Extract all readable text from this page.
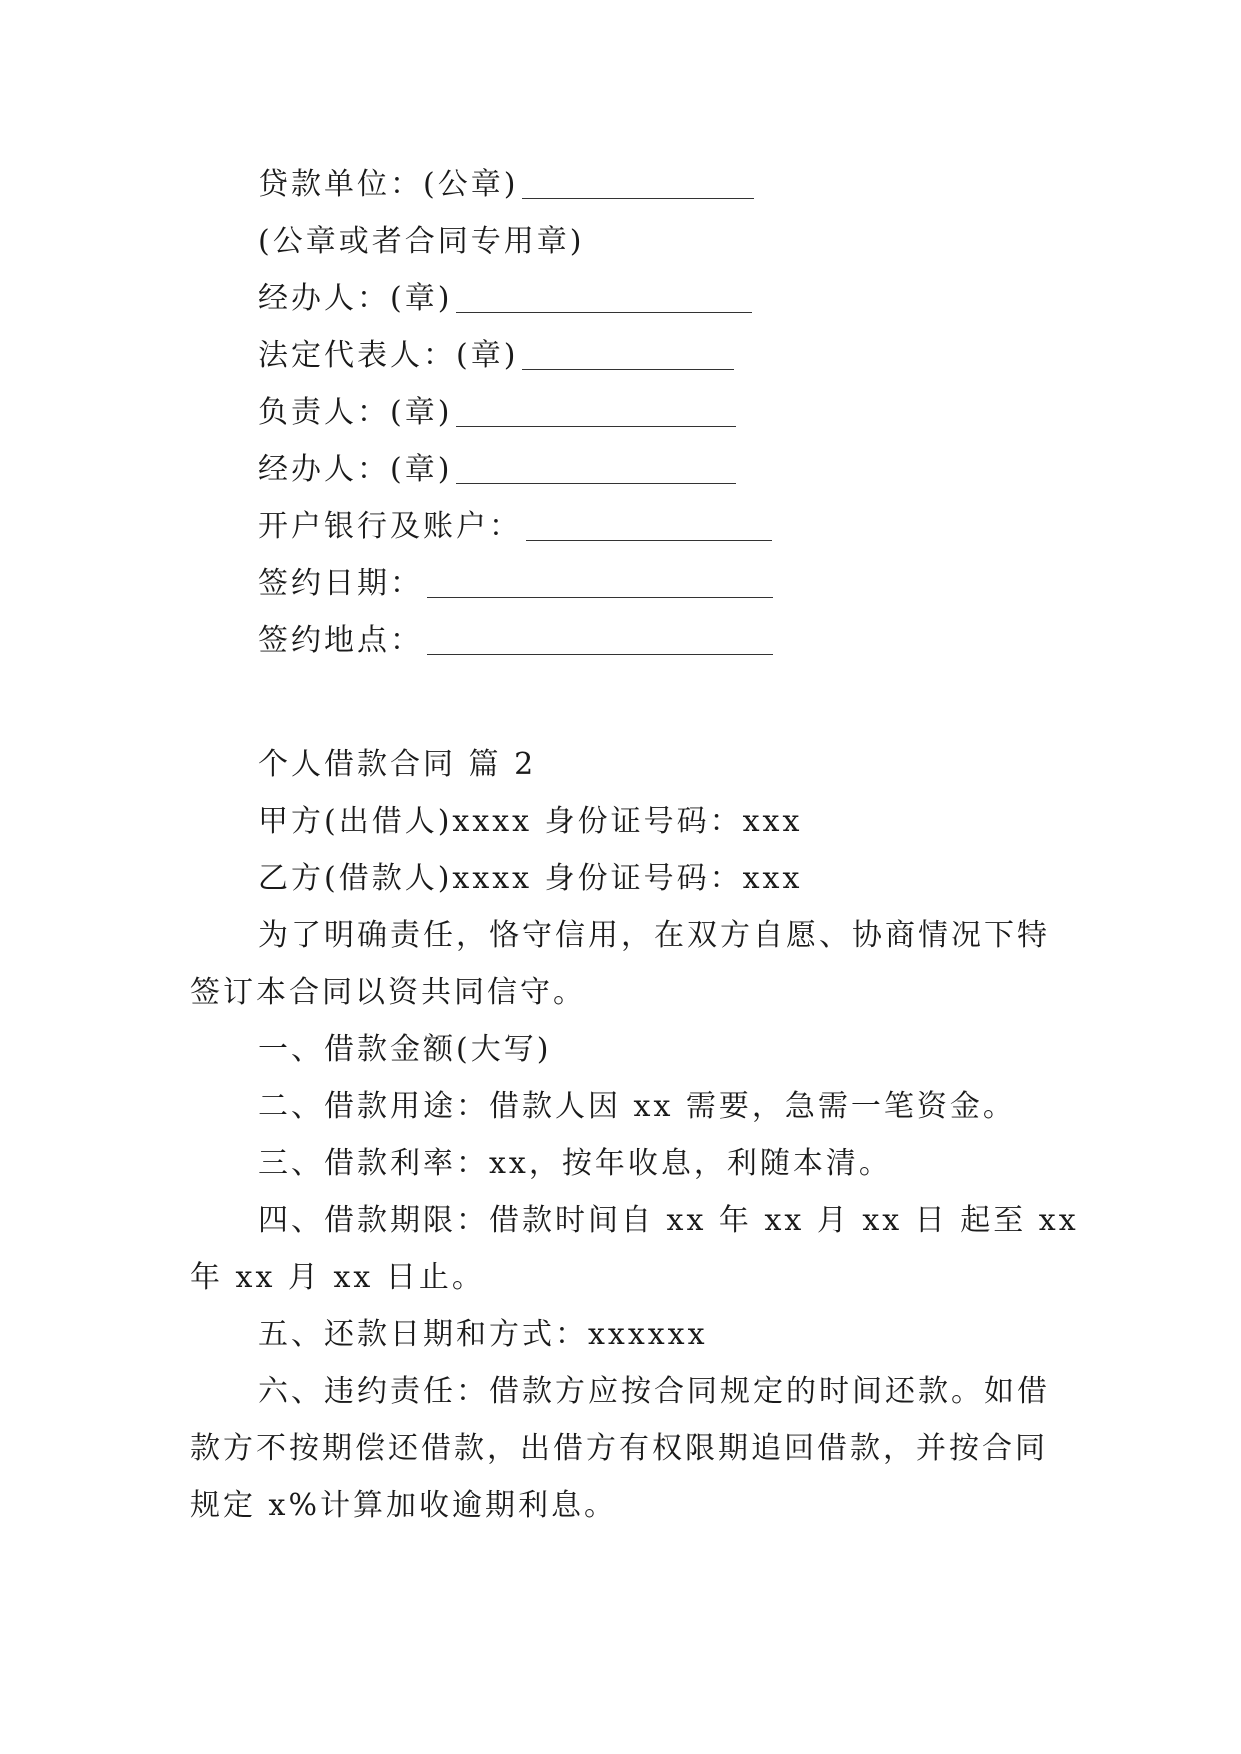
贷款单位：(公章)
(公章或者合同专用章)
经办人：(章)
法定代表人：(章)
负责人：(章)
经办人：(章)
开户银行及账户：
签约日期：
签约地点：
个人借款合同 篇 2
甲方(出借人)xxxx 身份证号码：xxx
乙方(借款人)xxxx 身份证号码：xxx
为了明确责任，恪守信用，在双方自愿、协商情况下特
签订本合同以资共同信守。
一、借款金额(大写)
二、借款用途：借款人因 xx 需要，急需一笔资金。
三、借款利率：xx，按年收息，利随本清。
四、借款期限：借款时间自 xx 年 xx 月 xx 日 起至 xx
年 xx 月 xx 日止。
五、还款日期和方式：xxxxxx
六、违约责任：借款方应按合同规定的时间还款。如借
款方不按期偿还借款，出借方有权限期追回借款，并按合同
规定 x%计算加收逾期利息。
